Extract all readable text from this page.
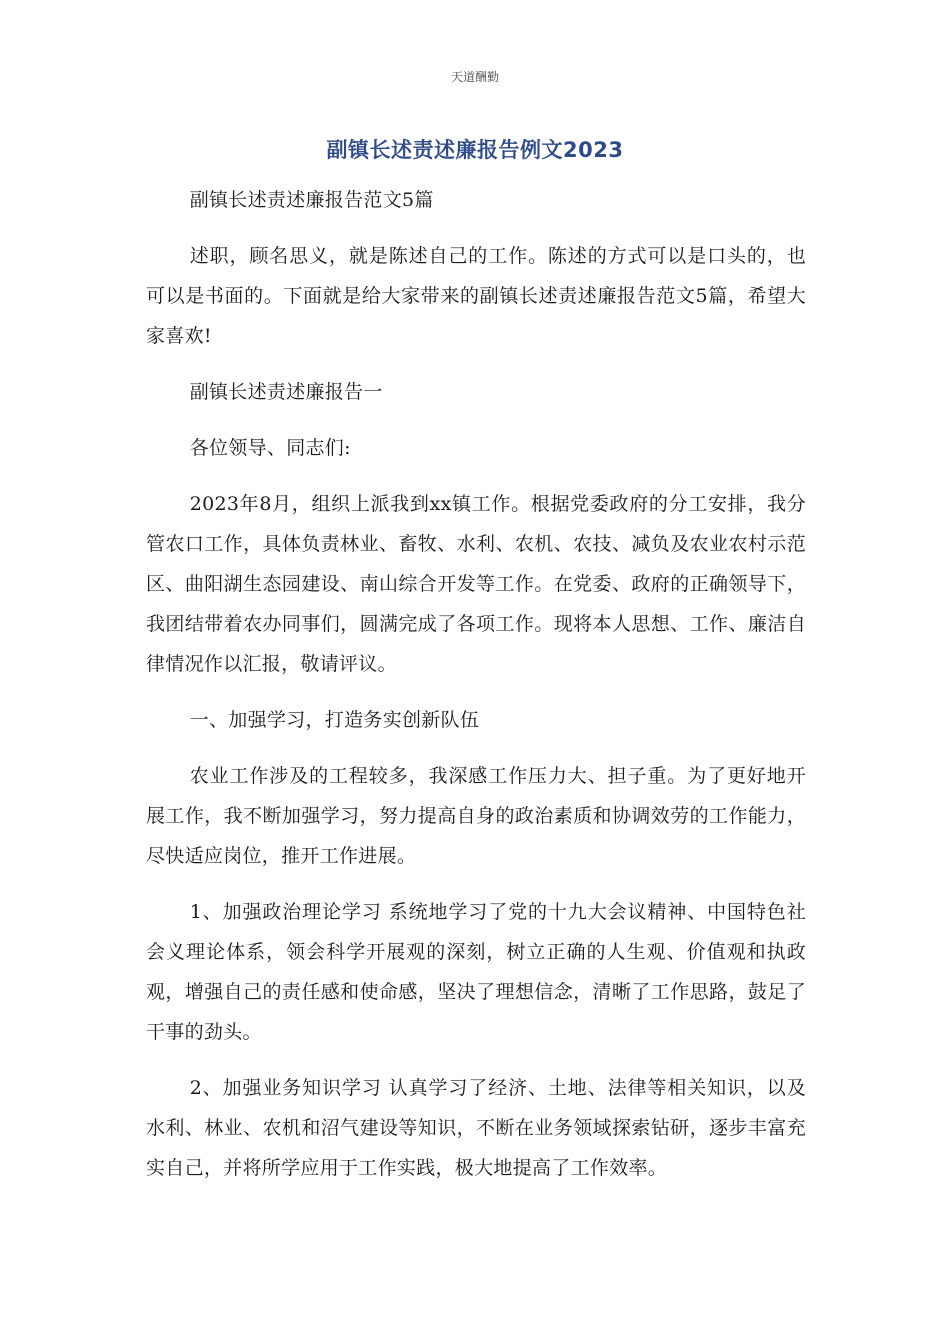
天道酬勤
副镇长述责述廉报告例文2023

副镇长述责述廉报告范文5篇

述职，顾名思义，就是陈述自己的工作。陈述的方式可以是口头的，也可以是书面的。下面就是给大家带来的副镇长述责述廉报告范文5篇，希望大家喜欢!

副镇长述责述廉报告一

各位领导、同志们:

2023年8月，组织上派我到xx镇工作。根据党委政府的分工安排，我分管农口工作，具体负责林业、畜牧、水利、农机、农技、减负及农业农村示范区、曲阳湖生态园建设、南山综合开发等工作。在党委、政府的正确领导下，我团结带着农办同事们，圆满完成了各项工作。现将本人思想、工作、廉洁自律情况作以汇报，敬请评议。

一、加强学习，打造务实创新队伍

农业工作涉及的工程较多，我深感工作压力大、担子重。为了更好地开展工作，我不断加强学习，努力提高自身的政治素质和协调效劳的工作能力，尽快适应岗位，推开工作进展。

1、加强政治理论学习 系统地学习了党的十九大会议精神、中国特色社会义理论体系，领会科学开展观的深刻，树立正确的人生观、价值观和执政观，增强自己的责任感和使命感，坚决了理想信念，清晰了工作思路，鼓足了干事的劲头。

2、加强业务知识学习 认真学习了经济、土地、法律等相关知识，以及水利、林业、农机和沼气建设等知识，不断在业务领域探索钻研，逐步丰富充实自己，并将所学应用于工作实践，极大地提高了工作效率。
